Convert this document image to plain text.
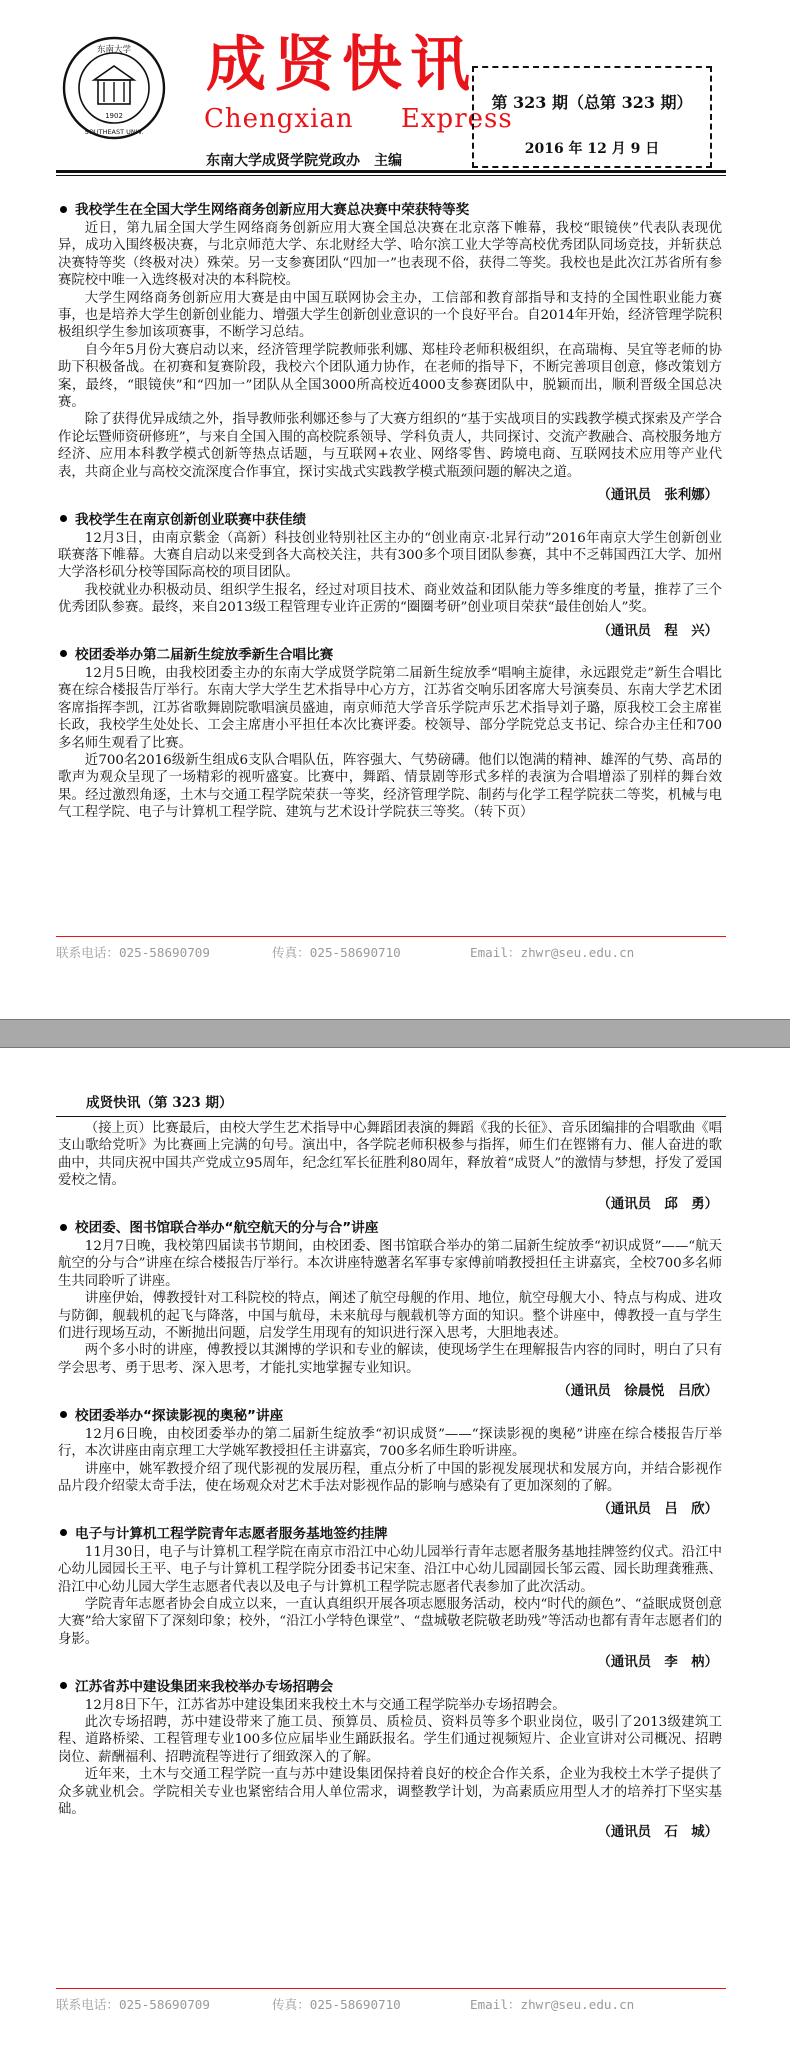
东南大学
SOUTHEAST UNIV.
1902
成贤快讯
Chengxian Express
东南大学成贤学院党政办　主编
第 323 期（总第 323 期）
2016 年 12 月 9 日
我校学生在全国大学生网络商务创新应用大赛总决赛中荣获特等奖

近日，第九届全国大学生网络商务创新应用大赛全国总决赛在北京落下帷幕，我校“眼镜侠”代表队表现优异，成功入围终极决赛，与北京师范大学、东北财经大学、哈尔滨工业大学等高校优秀团队同场竞技，并斩获总决赛特等奖（终极对决）殊荣。另一支参赛团队“四加一”也表现不俗，获得二等奖。我校也是此次江苏省所有参赛院校中唯一入选终极对决的本科院校。

大学生网络商务创新应用大赛是由中国互联网协会主办，工信部和教育部指导和支持的全国性职业能力赛事，也是培养大学生创新创业能力、增强大学生创新创业意识的一个良好平台。自2014年开始，经济管理学院积极组织学生参加该项赛事，不断学习总结。

自今年5月份大赛启动以来，经济管理学院教师张利娜、郑桂玲老师积极组织，在高瑞梅、吴宜等老师的协助下积极备战。在初赛和复赛阶段，我校六个团队通力协作，在老师的指导下，不断完善项目创意，修改策划方案，最终，“眼镜侠”和“四加一”团队从全国3000所高校近4000支参赛团队中，脱颖而出，顺利晋级全国总决赛。

除了获得优异成绩之外，指导教师张利娜还参与了大赛方组织的“基于实战项目的实践教学模式探索及产学合作论坛暨师资研修班”，与来自全国入围的高校院系领导、学科负责人，共同探讨、交流产教融合、高校服务地方经济、应用本科教学模式创新等热点话题，与互联网+农业、网络零售、跨境电商、互联网技术应用等产业代表，共商企业与高校交流深度合作事宜，探讨实战式实践教学模式瓶颈问题的解决之道。

（通讯员　张利娜）

我校学生在南京创新创业联赛中获佳绩

12月3日，由南京紫金（高新）科技创业特别社区主办的“创业南京·北昇行动”2016年南京大学生创新创业联赛落下帷幕。大赛自启动以来受到各大高校关注，共有300多个项目团队参赛，其中不乏韩国西江大学、加州大学洛杉矶分校等国际高校的项目团队。

我校就业办积极动员、组织学生报名，经过对项目技术、商业效益和团队能力等多维度的考量，推荐了三个优秀团队参赛。最终，来自2013级工程管理专业许正雳的“圈圈考研”创业项目荣获“最佳创始人”奖。

（通讯员　程　兴）

校团委举办第二届新生绽放季新生合唱比赛

12月5日晚，由我校团委主办的东南大学成贤学院第二届新生绽放季“唱响主旋律，永远跟党走”新生合唱比赛在综合楼报告厅举行。东南大学大学生艺术指导中心方方，江苏省交响乐团客席大号演奏员、东南大学艺术团客席指挥李凯，江苏省歌舞剧院歌唱演员盛迪，南京师范大学音乐学院声乐艺术指导刘子璐，原我校工会主席崔长政，我校学生处处长、工会主席唐小平担任本次比赛评委。校领导、部分学院党总支书记、综合办主任和700多名师生观看了比赛。

近700名2016级新生组成6支队合唱队伍，阵容强大、气势磅礴。他们以饱满的精神、雄浑的气势、高昂的歌声为观众呈现了一场精彩的视听盛宴。比赛中，舞蹈、情景剧等形式多样的表演为合唱增添了别样的舞台效果。经过激烈角逐，土木与交通工程学院荣获一等奖，经济管理学院、制药与化学工程学院获二等奖，机械与电气工程学院、电子与计算机工程学院、建筑与艺术设计学院获三等奖。（转下页）

联系电话：025-58690709	传真：025-58690710	Email：zhwr@seu.edu.cn
成贤快讯（第 323 期）

（接上页）比赛最后，由校大学生艺术指导中心舞蹈团表演的舞蹈《我的长征》、音乐团编排的合唱歌曲《唱支山歌给党听》为比赛画上完满的句号。演出中，各学院老师积极参与指挥，师生们在铿锵有力、催人奋进的歌曲中，共同庆祝中国共产党成立95周年，纪念红军长征胜利80周年，释放着“成贤人”的激情与梦想，抒发了爱国爱校之情。

（通讯员　邱　勇）

校团委、图书馆联合举办“航空航天的分与合”讲座

12月7日晚，我校第四届读书节期间，由校团委、图书馆联合举办的第二届新生绽放季“初识成贤”——“航天航空的分与合”讲座在综合楼报告厅举行。本次讲座特邀著名军事专家傅前哨教授担任主讲嘉宾，全校700多名师生共同聆听了讲座。

讲座伊始，傅教授针对工科院校的特点，阐述了航空母舰的作用、地位，航空母舰大小、特点与构成、进攻与防御，舰载机的起飞与降落，中国与航母，未来航母与舰载机等方面的知识。整个讲座中，傅教授一直与学生们进行现场互动，不断抛出问题，启发学生用现有的知识进行深入思考，大胆地表述。

两个多小时的讲座，傅教授以其渊博的学识和专业的解读，使现场学生在理解报告内容的同时，明白了只有学会思考、勇于思考、深入思考，才能扎实地掌握专业知识。

（通讯员　徐晨悦　吕欣）

校团委举办“探读影视的奥秘”讲座

12月6日晚，由校团委举办的第二届新生绽放季“初识成贤”——“探读影视的奥秘”讲座在综合楼报告厅举行，本次讲座由南京理工大学姚军教授担任主讲嘉宾，700多名师生聆听讲座。

讲座中，姚军教授介绍了现代影视的发展历程，重点分析了中国的影视发展现状和发展方向，并结合影视作品片段介绍蒙太奇手法，使在场观众对艺术手法对影视作品的影响与感染有了更加深刻的了解。

（通讯员　吕　欣）

电子与计算机工程学院青年志愿者服务基地签约挂牌

11月30日，电子与计算机工程学院在南京市沿江中心幼儿园举行青年志愿者服务基地挂牌签约仪式。沿江中心幼儿园园长王平、电子与计算机工程学院分团委书记宋奎、沿江中心幼儿园副园长邹云霞、园长助理龚雅燕、沿江中心幼儿园大学生志愿者代表以及电子与计算机工程学院志愿者代表参加了此次活动。

学院青年志愿者协会自成立以来，一直认真组织开展各项志愿服务活动，校内“时代的颜色”、“益眠成贤创意大赛”给大家留下了深刻印象；校外，“沿江小学特色课堂”、“盘城敬老院敬老助残”等活动也都有青年志愿者们的身影。

（通讯员　李　枘）

江苏省苏中建设集团来我校举办专场招聘会

12月8日下午，江苏省苏中建设集团来我校土木与交通工程学院举办专场招聘会。

此次专场招聘，苏中建设带来了施工员、预算员、质检员、资料员等多个职业岗位，吸引了2013级建筑工程、道路桥梁、工程管理专业100多位应届毕业生踊跃报名。学生们通过视频短片、企业宣讲对公司概况、招聘岗位、薪酬福利、招聘流程等进行了细致深入的了解。

近年来，土木与交通工程学院一直与苏中建设集团保持着良好的校企合作关系，企业为我校土木学子提供了众多就业机会。学院相关专业也紧密结合用人单位需求，调整教学计划，为高素质应用型人才的培养打下坚实基础。

（通讯员　石　城）

联系电话：025-58690709	传真：025-58690710	Email：zhwr@seu.edu.cn
